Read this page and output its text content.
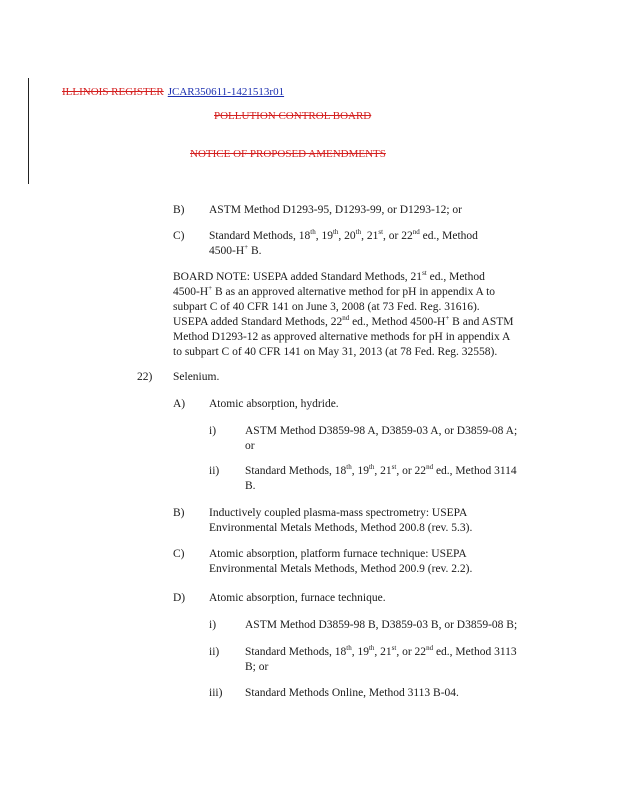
ILLINOIS REGISTER JCAR350611-1421513r01

POLLUTION CONTROL BOARD

NOTICE OF PROPOSED AMENDMENTS

B) ASTM Method D1293-95, D1293-99, or D1293-12; or

C) Standard Methods, 18th, 19th, 20th, 21st, or 22nd ed., Method

4500-H+ B.

BOARD NOTE: USEPA added Standard Methods, 21st ed., Method

4500-H+ B as an approved alternative method for pH in appendix A to

subpart C of 40 CFR 141 on June 3, 2008 (at 73 Fed. Reg. 31616).

USEPA added Standard Methods, 22nd ed., Method 4500-H+ B and ASTM

Method D1293-12 as approved alternative methods for pH in appendix A

to subpart C of 40 CFR 141 on May 31, 2013 (at 78 Fed. Reg. 32558).

22) Selenium.

A) Atomic absorption, hydride.

i)	ASTM Method D3859-98 A, D3859-03 A, or D3859-08 A;

or

ii) Standard Methods, 18th, 19th, 21st, or 22nd ed., Method 3114

B.

B) Inductively coupled plasma-mass spectrometry: USEPA

Environmental Metals Methods, Method 200.8 (rev. 5.3).

C) Atomic absorption, platform furnace technique: USEPA

Environmental Metals Methods, Method 200.9 (rev. 2.2).

D) Atomic absorption, furnace technique.

i)	ASTM Method D3859-98 B, D3859-03 B, or D3859-08 B;

ii) Standard Methods, 18th, 19th, 21st, or 22nd ed., Method 3113

B; or

iii) Standard Methods Online, Method 3113 B-04.
